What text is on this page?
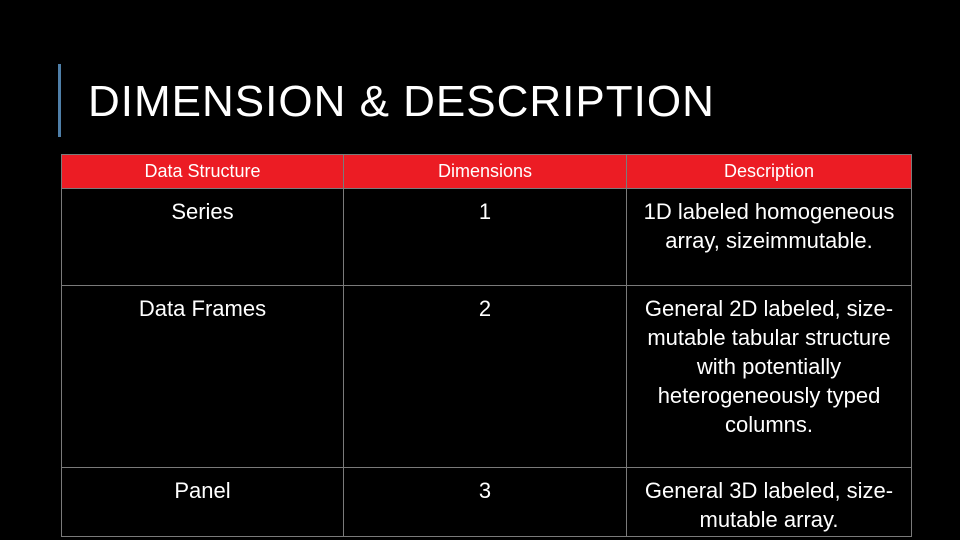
DIMENSION & DESCRIPTION
Data Structure	Dimensions	Description
Series	1	1D labeled homogeneous array, sizeimmutable.
Data Frames	2	General 2D labeled, size-mutable tabular structure with potentially heterogeneously typed columns.
Panel	3	General 3D labeled, size-mutable array.
